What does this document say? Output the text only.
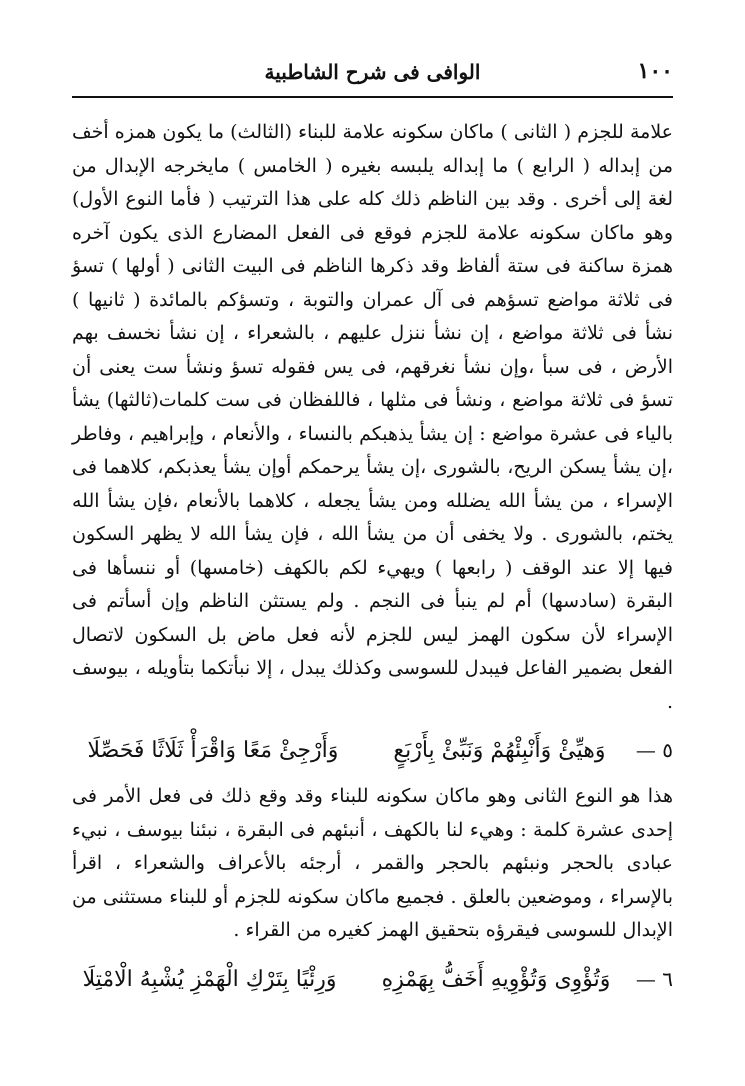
١٠٠
الوافى فى شرح الشاطبية

علامة للجزم ( الثانى ) ماكان سكونه علامة للبناء (الثالث) ما يكون همزه أخف من إبداله ( الرابع ) ما إبداله يلبسه بغيره ( الخامس ) مايخرجه الإبدال من لغة إلى أخرى . وقد بين الناظم ذلك كله على هذا الترتيب ( فأما النوع الأول) وهو ماكان سكونه علامة للجزم فوقع فى الفعل المضارع الذى يكون آخره همزة ساكنة فى ستة ألفاظ وقد ذكرها الناظم فى البيت الثانى ( أولها ) تسؤ فى ثلاثة مواضع تسؤهم فى آل عمران والتوبة ، وتسؤكم بالمائدة ( ثانيها ) نشأ فى ثلاثة مواضع ، إن نشأ ننزل عليهم ، بالشعراء ، إن نشأ نخسف بهم الأرض ، فى سبأ ،وإن نشأ نغرقهم، فى يس فقوله تسؤ ونشأ ست يعنى أن تسؤ فى ثلاثة مواضع ، ونشأ فى مثلها ، فاللفظان فى ست كلمات(ثالثها) يشأ بالياء فى عشرة مواضع : إن يشأ يذهبكم بالنساء ، والأنعام ، وإبراهيم ، وفاطر ،إن يشأ يسكن الريح، بالشورى ،إن يشأ يرحمكم أوإن يشأ يعذبكم، كلاهما فى الإسراء ، من يشأ الله يضلله ومن يشأ يجعله ، كلاهما بالأنعام ،فإن يشأ الله يختم، بالشورى . ولا يخفى أن من يشأ الله ، فإن يشأ الله لا يظهر السكون فيها إلا عند الوقف ( رابعها ) ويهيء لكم بالكهف (خامسها) أو ننسأها فى البقرة (سادسها) أم لم ينبأ فى النجم . ولم يستثن الناظم وإن أسأتم فى الإسراء لأن سكون الهمز ليس للجزم لأنه فعل ماض بل السكون لاتصال الفعل بضمير الفاعل فيبدل للسوسى وكذلك يبدل ، إلا نبأتكما بتأويله ، بيوسف .

٥ —
وَهيِّئْ وَأَنْبِئْهُمْ وَنَبِّئْ بِأَرْبَعٍ
وَأَرْجِئْ مَعًا وَاقْرَأْ ثَلَاثًا فَحَصِّلَا

هذا هو النوع الثانى وهو ماكان سكونه للبناء وقد وقع ذلك فى فعل الأمر فى إحدى عشرة كلمة : وهيء لنا بالكهف ، أنبئهم فى البقرة ، نبئنا بيوسف ، نبيء عبادى بالحجر ونبئهم بالحجر والقمر ، أرجئه بالأعراف والشعراء ، اقرأ بالإسراء ، وموضعين بالعلق . فجميع ماكان سكونه للجزم أو للبناء مستثنى من الإبدال للسوسى فيقرؤه بتحقيق الهمز كغيره من القراء .

٦ —
وَتُؤْوِى وَتُؤْوِيهِ أَخَفُّ بِهَمْزِهِ
وَرِئْيًا بِتَرْكِ الْهَمْزِ يُشْبِهُ الْامْتِلَا
